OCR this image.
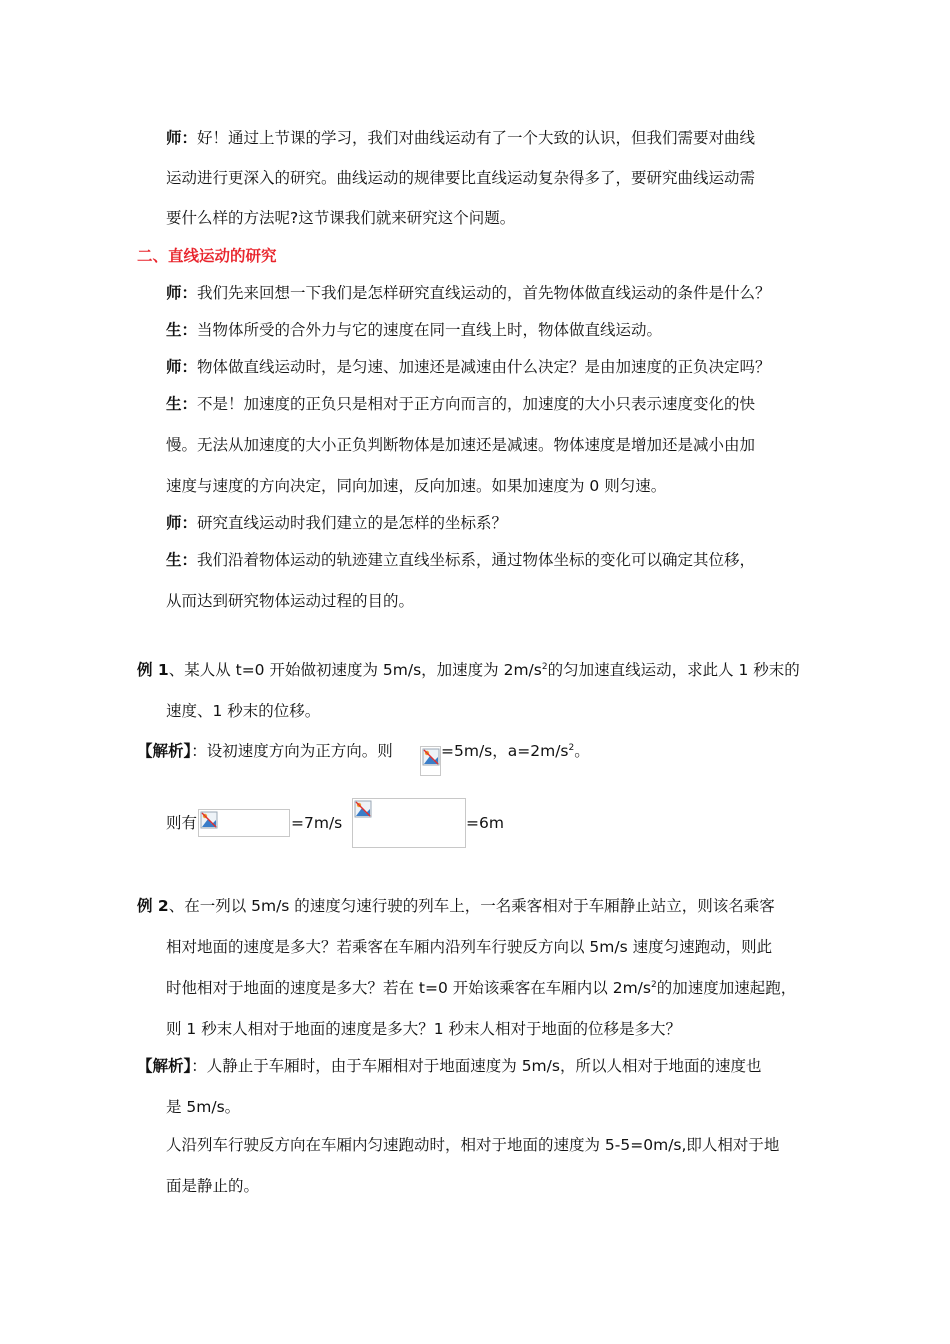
师：好！通过上节课的学习，我们对曲线运动有了一个大致的认识，但我们需要对曲线
运动进行更深入的研究。曲线运动的规律要比直线运动复杂得多了，要研究曲线运动需
要什么样的方法呢?这节课我们就来研究这个问题。
二、直线运动的研究
师：我们先来回想一下我们是怎样研究直线运动的，首先物体做直线运动的条件是什么？
生：当物体所受的合外力与它的速度在同一直线上时，物体做直线运动。
师：物体做直线运动时，是匀速、加速还是减速由什么决定？是由加速度的正负决定吗？
生：不是！加速度的正负只是相对于正方向而言的，加速度的大小只表示速度变化的快
慢。无法从加速度的大小正负判断物体是加速还是减速。物体速度是增加还是减小由加
速度与速度的方向决定，同向加速，反向加速。如果加速度为 0 则匀速。
师：研究直线运动时我们建立的是怎样的坐标系？
生：我们沿着物体运动的轨迹建立直线坐标系，通过物体坐标的变化可以确定其位移，
从而达到研究物体运动过程的目的。
例 1、某人从 t=0 开始做初速度为 5m/s，加速度为 $2m/s^2$的匀加速直线运动，求此人 1 秒末的
速度、1 秒末的位移。
【解析】：设初速度方向为正方向。则	=5m/s，$a=2m/s^2$。
则有	=7m/s	=6m
例 2、在一列以 5m/s 的速度匀速行驶的列车上，一名乘客相对于车厢静止站立，则该名乘客
相对地面的速度是多大？若乘客在车厢内沿列车行驶反方向以 5m/s 速度匀速跑动，则此
时他相对于地面的速度是多大？若在 t=0 开始该乘客在车厢内以 $2m/s^2$的加速度加速起跑，
则 1 秒末人相对于地面的速度是多大？1 秒末人相对于地面的位移是多大？
【解析】：人静止于车厢时，由于车厢相对于地面速度为 5m/s，所以人相对于地面的速度也
是 5m/s。
人沿列车行驶反方向在车厢内匀速跑动时，相对于地面的速度为 5-5=0m/s,即人相对于地
面是静止的。
